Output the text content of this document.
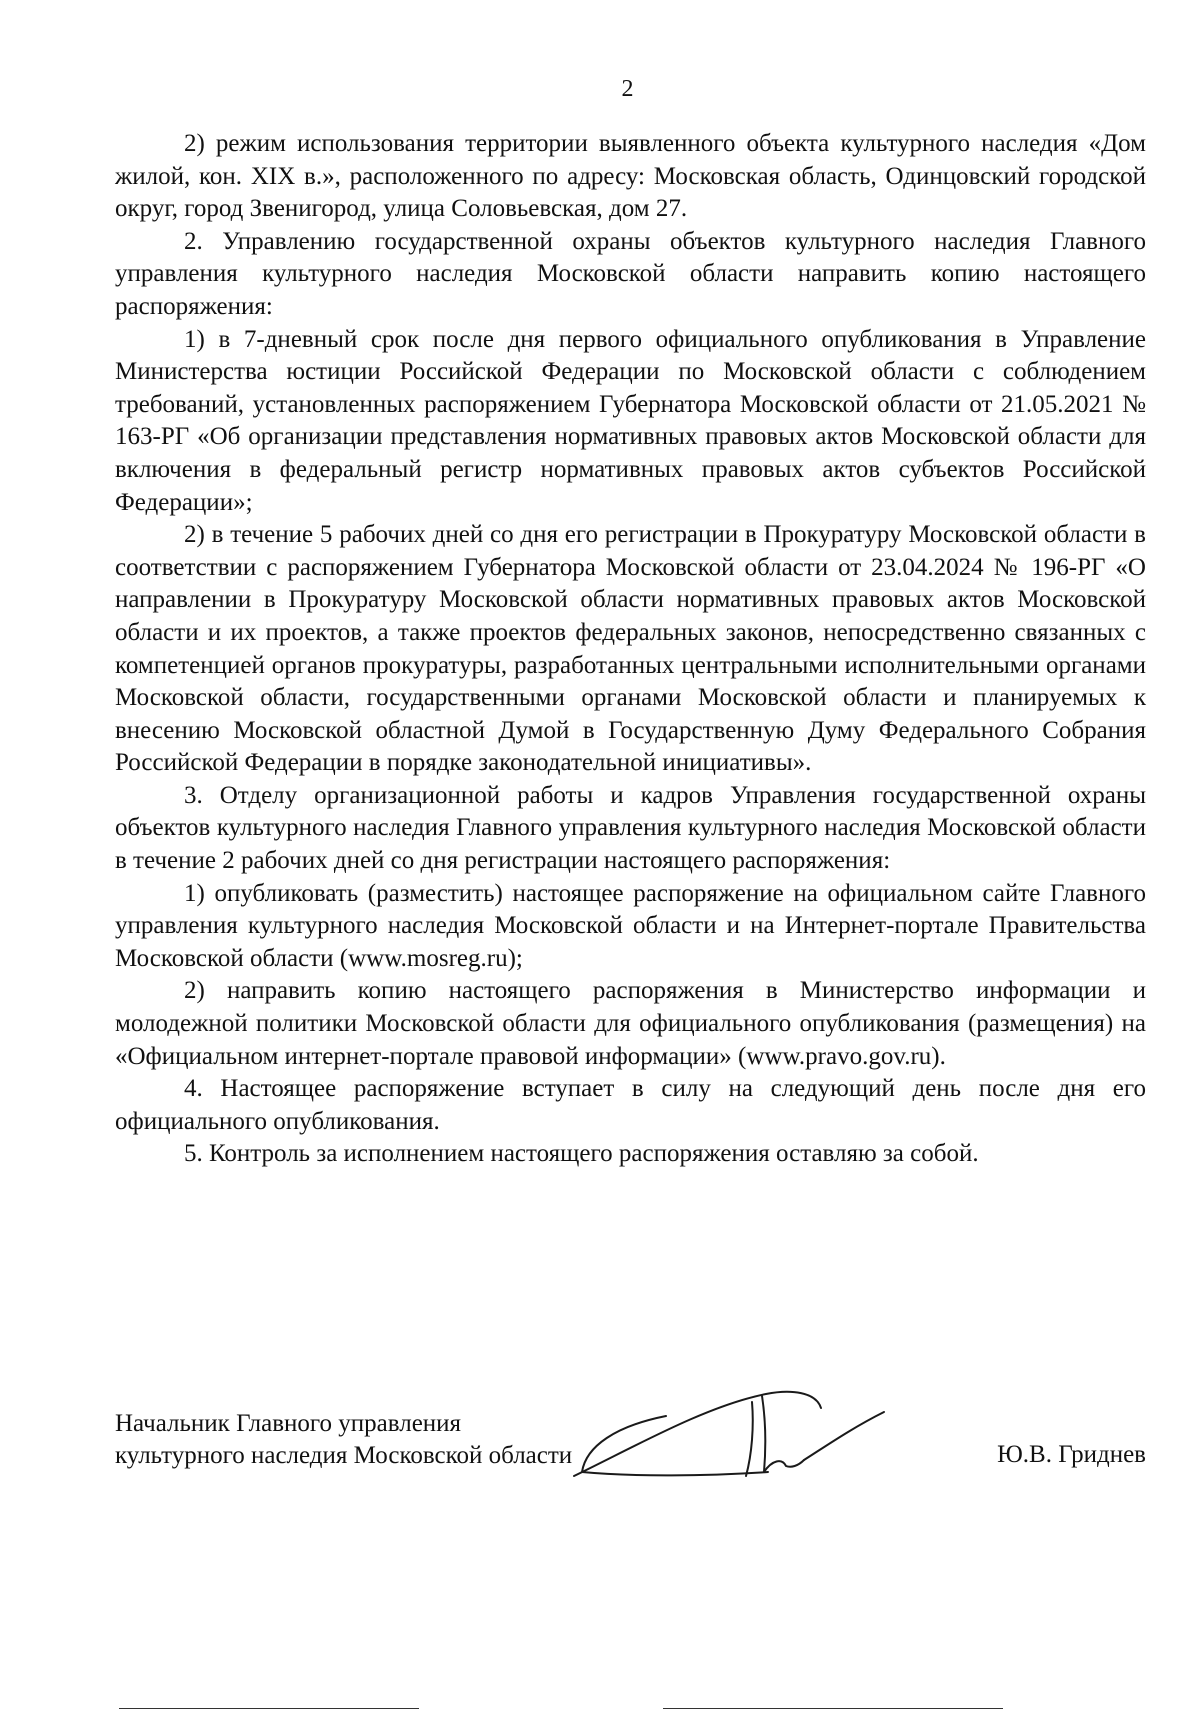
2

2) режим использования территории выявленного объекта культурного наследия «Дом жилой, кон. XIX в.», расположенного по адресу: Московская область, Одинцовский городской округ, город Звенигород, улица Соловьевская, дом 27.

2. Управлению государственной охраны объектов культурного наследия Главного управления культурного наследия Московской области направить копию настоящего распоряжения:

1) в 7-дневный срок после дня первого официального опубликования в Управление Министерства юстиции Российской Федерации по Московской области с соблюдением требований, установленных распоряжением Губернатора Московской области от 21.05.2021 № 163-РГ «Об организации представления нормативных правовых актов Московской области для включения в федеральный регистр нормативных правовых актов субъектов Российской Федерации»;

2) в течение 5 рабочих дней со дня его регистрации в Прокуратуру Московской области в соответствии с распоряжением Губернатора Московской области от 23.04.2024 № 196-РГ «О направлении в Прокуратуру Московской области нормативных правовых актов Московской области и их проектов, а также проектов федеральных законов, непосредственно связанных с компетенцией органов прокуратуры, разработанных центральными исполнительными органами Московской области, государственными органами Московской области и планируемых к внесению Московской областной Думой в Государственную Думу Федерального Собрания Российской Федерации в порядке законодательной инициативы».

3. Отделу организационной работы и кадров Управления государственной охраны объектов культурного наследия Главного управления культурного наследия Московской области в течение 2 рабочих дней со дня регистрации настоящего распоряжения:

1) опубликовать (разместить) настоящее распоряжение на официальном сайте Главного управления культурного наследия Московской области и на Интернет-портале Правительства Московской области (www.mosreg.ru);

2) направить копию настоящего распоряжения в Министерство информации и молодежной политики Московской области для официального опубликования (размещения) на «Официальном интернет-портале правовой информации» (www.pravo.gov.ru).

4. Настоящее распоряжение вступает в силу на следующий день после дня его официального опубликования.

5. Контроль за исполнением настоящего распоряжения оставляю за собой.

Начальник Главного управления
культурного наследия Московской области	Ю.В. Гриднев
